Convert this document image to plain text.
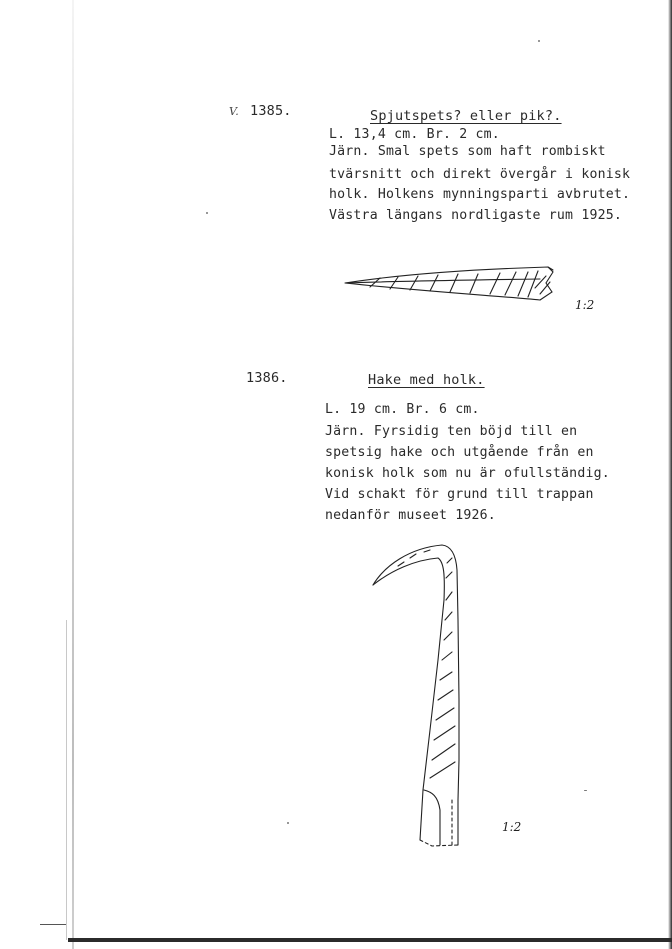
V. 1385.	Spjutspets? eller pik?.
L. 13,4 cm. Br. 2 cm.
Järn. Smal spets som haft rombiskt
tvärsnitt och direkt övergår i konisk
holk. Holkens mynningsparti avbrutet.
Västra längans nordligaste rum 1925.
1:2
1386.	Hake med holk.
L. 19 cm. Br. 6 cm.
Järn. Fyrsidig ten böjd till en
spetsig hake och utgående från en
konisk holk som nu är ofullständig.
Vid schakt för grund till trappan
nedanför museet 1926.
1:2
